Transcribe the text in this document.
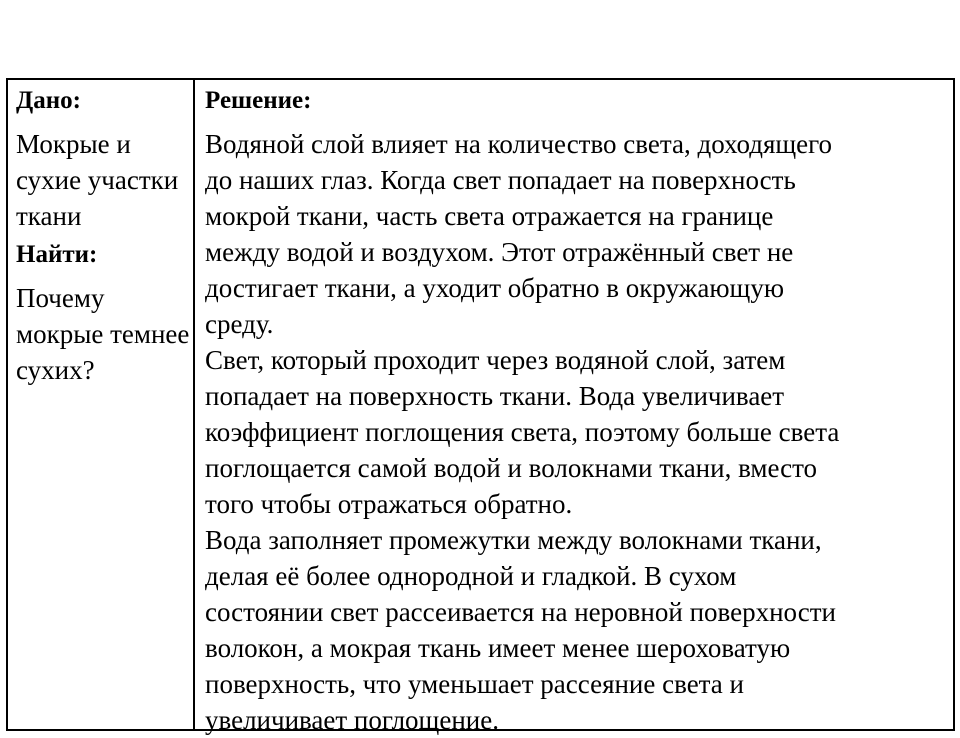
Дано:

Мокрые и сухие участки ткани

Найти:

Почему мокрые темнее сухих?

Решение:

Водяной слой влияет на количество света, доходящего
до наших глаз. Когда свет попадает на поверхность
мокрой ткани, часть света отражается на границе
между водой и воздухом. Этот отражённый свет не
достигает ткани, а уходит обратно в окружающую
среду.

Свет, который проходит через водяной слой, затем
попадает на поверхность ткани. Вода увеличивает
коэффициент поглощения света, поэтому больше света
поглощается самой водой и волокнами ткани, вместо
того чтобы отражаться обратно.

Вода заполняет промежутки между волокнами ткани,
делая её более однородной и гладкой. В сухом
состоянии свет рассеивается на неровной поверхности
волокон, а мокрая ткань имеет менее шероховатую
поверхность, что уменьшает рассеяние света и
увеличивает поглощение.
